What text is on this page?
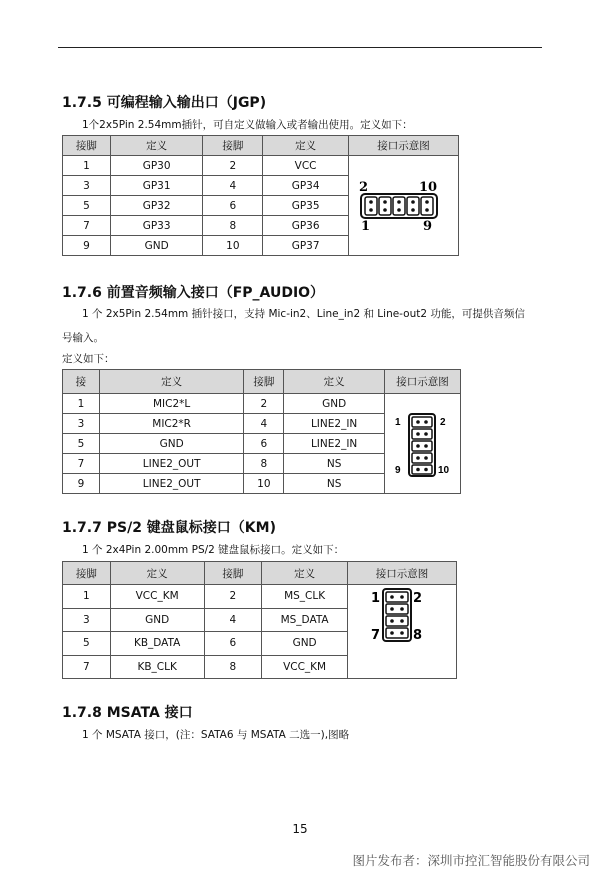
1.7.5 可编程输入输出口（JGP)
1个2x5Pin 2.54mm插针，可自定义做输入或者输出使用。定义如下：
接脚	定义	接脚	定义	接口示意图
1	GP30	2	VCC	2 10
1 9

3	GP31	4	GP34	
5	GP32	6	GP35	
7	GP33	8	GP36	
9	GND	10	GP37	
1.7.6 前置音频输入接口（FP_AUDIO）
1 个 2x5Pin 2.54mm 插针接口，支持 Mic-in2、Line_in2 和 Line-out2 功能，可提供音频信
号输入。
定义如下：
接	定义	接脚	定义	接口示意图
1	MIC2*L	2	GND	1 2
9 10

3	MIC2*R	4	LINE2_IN	
5	GND	6	LINE2_IN	
7	LINE2_OUT	8	NS	
9	LINE2_OUT	10	NS	
1.7.7 PS/2 键盘鼠标接口（KM)
1 个 2x4Pin 2.00mm PS/2 键盘鼠标接口。定义如下：
接脚	定义	接脚	定义	接口示意图
1	VCC_KM	2	MS_CLK	1 2
7 8

3	GND	4	MS_DATA	
5	KB_DATA	6	GND	
7	KB_CLK	8	VCC_KM	
1.7.8 MSATA 接口
1 个 MSATA 接口，(注：SATA6 与 MSATA 二选一),图略
15
图片发布者：深圳市控汇智能股份有限公司
